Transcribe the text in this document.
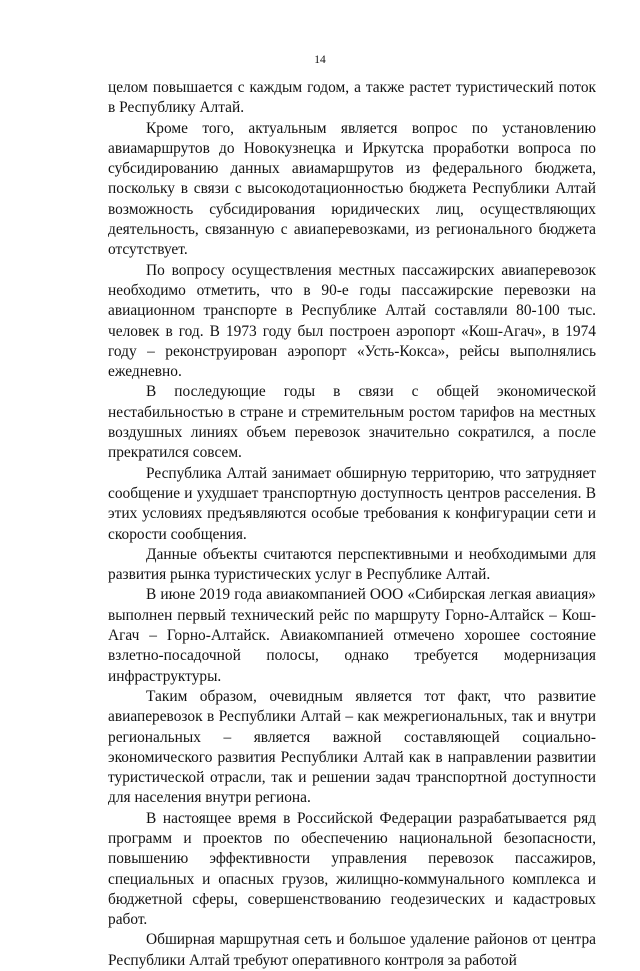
14

целом повышается с каждым годом, а также растет туристический поток в Республику Алтай.

Кроме того, актуальным является вопрос по установлению авиамаршрутов до Новокузнецка и Иркутска проработки вопроса по субсидированию данных авиамаршрутов из федерального бюджета, поскольку в связи с высокодотационностью бюджета Республики Алтай возможность субсидирования юридических лиц, осуществляющих деятельность, связанную с авиаперевозками, из регионального бюджета отсутствует.

По вопросу осуществления местных пассажирских авиаперевозок необходимо отметить, что в 90-е годы пассажирские перевозки на авиационном транспорте в Республике Алтай составляли 80-100 тыс. человек в год. В 1973 году был построен аэропорт «Кош-Агач», в 1974 году – реконструирован аэропорт «Усть-Кокса», рейсы выполнялись ежедневно.

В последующие годы в связи с общей экономической нестабильностью в стране и стремительным ростом тарифов на местных воздушных линиях объем перевозок значительно сократился, а после прекратился совсем.

Республика Алтай занимает обширную территорию, что затрудняет сообщение и ухудшает транспортную доступность центров расселения. В этих условиях предъявляются особые требования к конфигурации сети и скорости сообщения.

Данные объекты считаются перспективными и необходимыми для развития рынка туристических услуг в Республике Алтай.

В июне 2019 года авиакомпанией ООО «Сибирская легкая авиация» выполнен первый технический рейс по маршруту Горно-Алтайск – Кош-Агач – Горно-Алтайск. Авиакомпанией отмечено хорошее состояние взлетно-посадочной полосы, однако требуется модернизация инфраструктуры.

Таким образом, очевидным является тот факт, что развитие авиаперевозок в Республики Алтай – как межрегиональных, так и внутри региональных – является важной составляющей социально-экономического развития Республики Алтай как в направлении развитии туристической отрасли, так и решении задач транспортной доступности для населения внутри региона.

В настоящее время в Российской Федерации разрабатывается ряд программ и проектов по обеспечению национальной безопасности, повышению эффективности управления перевозок пассажиров, специальных и опасных грузов, жилищно-коммунального комплекса и бюджетной сферы, совершенствованию геодезических и кадастровых работ.

Обширная маршрутная сеть и большое удаление районов от центра Республики Алтай требуют оперативного контроля за работой
